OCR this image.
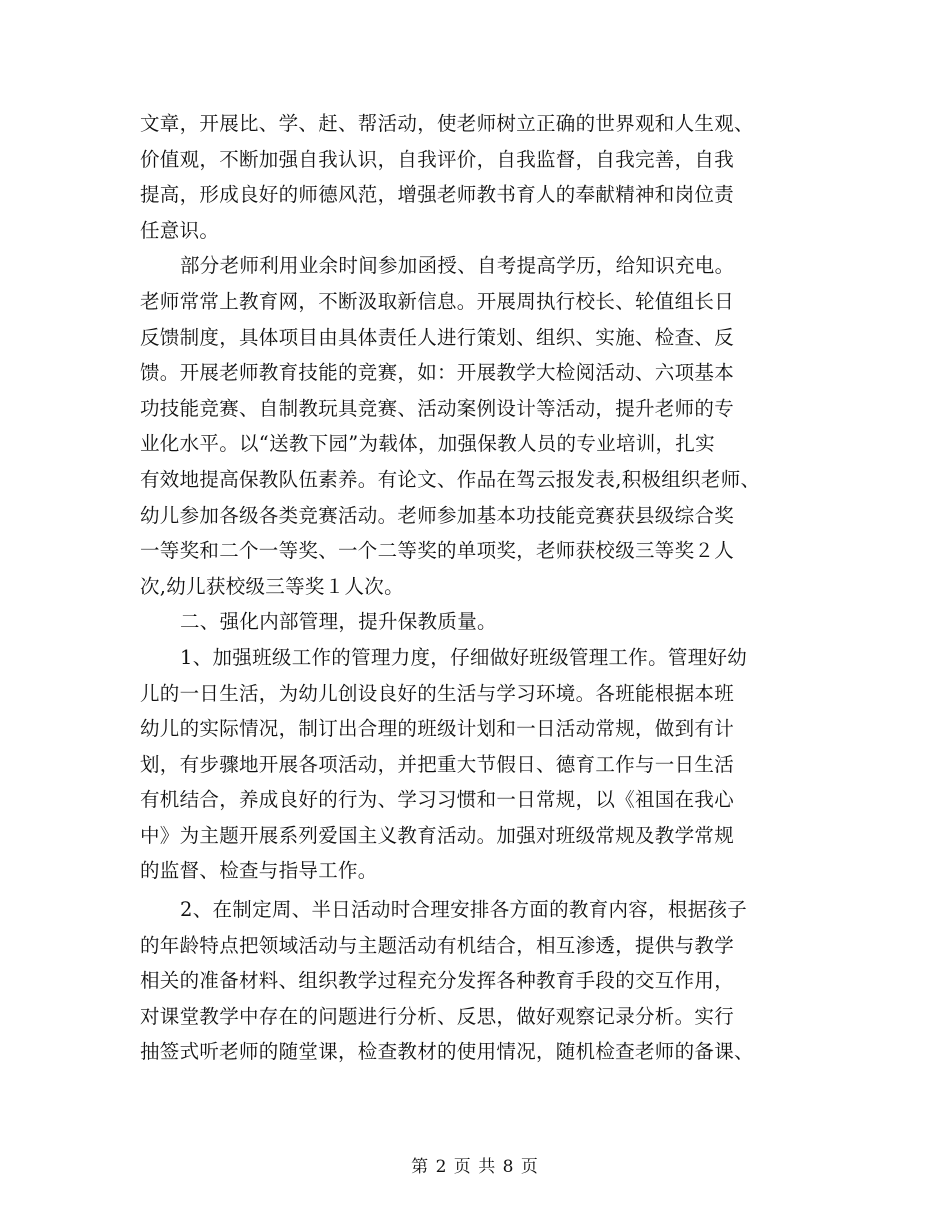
文章，开展比、学、赶、帮活动，使老师树立正确的世界观和人生观、
价值观，不断加强自我认识，自我评价，自我监督，自我完善，自我
提高，形成良好的师德风范，增强老师教书育人的奉献精神和岗位责
任意识。
部分老师利用业余时间参加函授、自考提高学历，给知识充电。
老师常常上教育网，不断汲取新信息。开展周执行校长、轮值组长日
反馈制度，具体项目由具体责任人进行策划、组织、实施、检查、反
馈。开展老师教育技能的竞赛，如：开展教学大检阅活动、六项基本
功技能竞赛、自制教玩具竞赛、活动案例设计等活动，提升老师的专
业化水平。以“送教下园”为载体，加强保教人员的专业培训，扎实
有效地提高保教队伍素养。有论文、作品在驾云报发表,积极组织老师、
幼儿参加各级各类竞赛活动。老师参加基本功技能竞赛获县级综合奖
一等奖和二个一等奖、一个二等奖的单项奖，老师获校级三等奖２人
次,幼儿获校级三等奖１人次。
二、强化内部管理，提升保教质量。
1、加强班级工作的管理力度，仔细做好班级管理工作。管理好幼
儿的一日生活，为幼儿创设良好的生活与学习环境。各班能根据本班
幼儿的实际情况，制订出合理的班级计划和一日活动常规，做到有计
划，有步骤地开展各项活动，并把重大节假日、德育工作与一日生活
有机结合，养成良好的行为、学习习惯和一日常规，以《祖国在我心
中》为主题开展系列爱国主义教育活动。加强对班级常规及教学常规
的监督、检查与指导工作。
2、在制定周、半日活动时合理安排各方面的教育内容，根据孩子
的年龄特点把领域活动与主题活动有机结合，相互渗透，提供与教学
相关的准备材料、组织教学过程充分发挥各种教育手段的交互作用，
对课堂教学中存在的问题进行分析、反思，做好观察记录分析。实行
抽签式听老师的随堂课，检查教材的使用情况，随机检查老师的备课、
第 2 页 共 8 页
